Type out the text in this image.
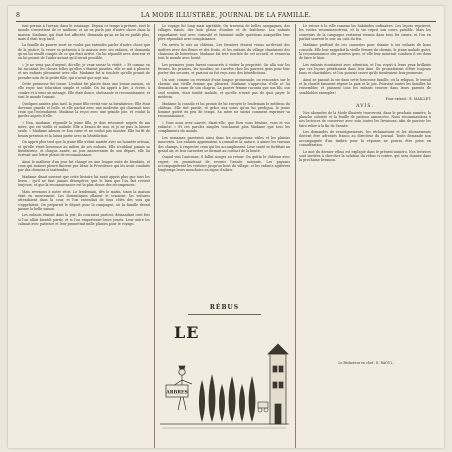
8	LA MODE ILLUSTRÉE, JOURNAL DE LA FAMILLE.

tout permis à l'avenir, dans le voisinage. Depuis ce temps à présent, tout le monde s'entretient de ce malheur, et on ne parle pas d'autre chose dans la maison. Madame, qui était fort affectée, demanda qu'on ne lui en parlât plus, mais il était trop tard.

La famille du pauvre mort ne voulut pas entendre parler d'autre chose que de la justice; la veuve se présenta à la maison avec ses enfants, et demanda qu'on lui rendît compte de ce qui était arrivé. On lui répondit avec douceur et on lui promit de l'aider autant qu'il serait possible.

« Je ne veux pas d'argent, dit-elle; je veux savoir la vérité. » Et comme on lui racontait les choses telles qu'elles s'étaient passées, elle se mit à pleurer, et ses enfants pleuraient avec elle. Madame fut si touchée qu'elle promit de prendre soin de la petite fille, qui n'avait que sept ans.

Cette promesse fut tenue. L'enfant fut placée dans une bonne maison, où elle reçut une éducation simple et solide. On lui apprit à lire, à écrire, à coudre et à tenir un ménage. Elle était douce, obéissante et reconnaissante, et tout le monde l'aimait.

Quelques années plus tard, la jeune fille revint voir sa bienfaitrice. Elle était devenue grande et belle, et elle parlait avec une modestie qui charmait tous ceux qui l'entendaient. Madame la reçut avec une grande joie, et voulut la garder auprès d'elle.

« Non, madame, répondit la jeune fille, je dois retourner auprès de ma mère, qui est vieille et malade. Elle a besoin de moi, et je ne puis la laisser seule. » Madame admira ce bon cœur et ne voulut pas insister. Elle lui fit de beaux présents et la laissa partir avec sa bénédiction.

On apprit plus tard que la jeune fille s'était mariée avec un honnête artisan, et qu'elle vivait heureuse au milieu de ses enfants. Elle n'oubliait jamais sa bienfaitrice, et chaque année, au jour anniversaire de son départ, elle lui écrivait une lettre pleine de reconnaissance.

Ainsi le malheur d'un jour fut changé en une longue suite de bienfaits, et ceux qui avaient pleuré finirent par bénir la Providence qui les avait conduits par des chemins si inattendus.

Madame disait souvent que cette histoire lui avait appris plus que tous les livres : qu'il ne faut jamais désespérer, que le bien que l'on fait revient toujours, et que la reconnaissance est la plus douce des récompenses.

Mais revenons à notre récit. Le lendemain, dès le matin, toute la maison était en mouvement. Les domestiques allaient et venaient, les voitures attendaient dans la cour, et l'on entendait de tous côtés des voix qui s'appelaient. On préparait le départ pour la campagne, où la famille devait passer la belle saison.

Les enfants étaient dans la joie; ils couraient partout, demandant cent fois si l'on allait bientôt partir, et si l'on emporterait leurs jouets. Leur mère les calmait avec patience et leur promettait mille plaisirs pour le voyage.

Le voyage fut long mais agréable. On traversa de belles campagnes, des villages riants, des bois pleins d'ombre et de fraîcheur. Les enfants regardaient tout avec curiosité et faisaient mille questions auxquelles leur père répondait avec complaisance.

On arriva le soir au château. Les fermiers étaient venus au-devant des maîtres avec des fleurs et des fruits, et les enfants du village chantaient des chansons de bienvenue. Madame fut très touchée de cet accueil, et remercia tout le monde avec bonté.

Les premiers jours furent consacrés à visiter la propriété. On alla voir les fermes, les prairies, les moulins; on s'arrêta chez les pauvres gens pour leur porter des secours, et partout on fut reçu avec des bénédictions.

Un soir, comme on revenait d'une longue promenade, on rencontra sur le chemin une vieille femme qui pleurait. Madame s'approcha d'elle et lui demanda la cause de son chagrin. La pauvre femme raconta que son fils, son seul soutien, était tombé malade, et qu'elle n'avait pas de quoi payer le médecin.

Madame la consola et lui promit de lui envoyer le lendemain le médecin du château. Elle tint parole, et grâce aux soins qu'on lui prodigua, le jeune homme guérit en peu de temps. Sa mère ne savait comment exprimer sa reconnaissance.

« Vous nous avez sauvés, disait-elle; que Dieu vous bénisse, vous et vos enfants! » Et ces paroles simples touchaient plus Madame que tous les compliments du monde.

Les semaines passèrent ainsi dans les occupations utiles et les plaisirs innocents. Les enfants apprenaient à connaître la nature, à aimer les travaux des champs, à respecter ceux qui les accomplissent. Leur santé se fortifiait au grand air, et leur caractère se formait au contact de la bonté.

Quand vint l'automne, il fallut songer au retour. On quitta le château avec regret, en promettant de revenir l'année suivante. Les paysans accompagnèrent les voitures jusqu'au bout du village, et les enfants agitèrent longtemps leurs mouchoirs en signe d'adieu.

RÉBUS
ARBRES
LE

Le retour à la ville ramena les habitudes ordinaires. Les leçons reprirent, les visites recommencèrent, et la vie reprit son cours paisible. Mais les souvenirs de la campagne restaient vivants dans tous les cœurs, et l'on en parlait souvent le soir, au coin du feu.

Madame profitait de ces causeries pour donner à ses enfants de bons conseils. Elle leur rappelait la vieille femme du chemin, le jeune malade guéri, la reconnaissance des pauvres gens, et elle leur montrait combien il est doux de faire le bien.

Les enfants écoutaient avec attention, et l'on voyait à leurs yeux brillants que ces leçons pénétraient dans leur âme. Ils promettaient d'être toujours bons et charitables, et l'on pouvait croire qu'ils tiendraient leur promesse.

Ainsi se passait la vie dans cette heureuse famille, où la religion, le travail et la charité faisaient régner la paix et la joie. Puissent toutes les familles lui ressembler, et puissent tous les enfants trouver dans leurs parents de semblables exemples!

Pour extrait : E. MAILLET.
AVIS.

Nos abonnées de la Mode illustrée trouveront, dans le prochain numéro, la planche coloriée et la feuille de patrons annoncées. Nous recommandons à nos lectrices de conserver avec soin toutes les livraisons, afin de pouvoir les faire relier à la fin de l'année.

Les demandes de renseignements, les réclamations et les abonnements doivent être adressés franco au directeur du journal. Toute demande non accompagnée d'un timbre pour la réponse ne pourra être prise en considération.

Le mot du dernier rébus est expliqué dans le présent numéro. Nos lectrices sont invitées à chercher la solution du rébus ci-contre, qui sera donnée dans la prochaine livraison.

Le Rédacteur en chef : E. RAOUL.
